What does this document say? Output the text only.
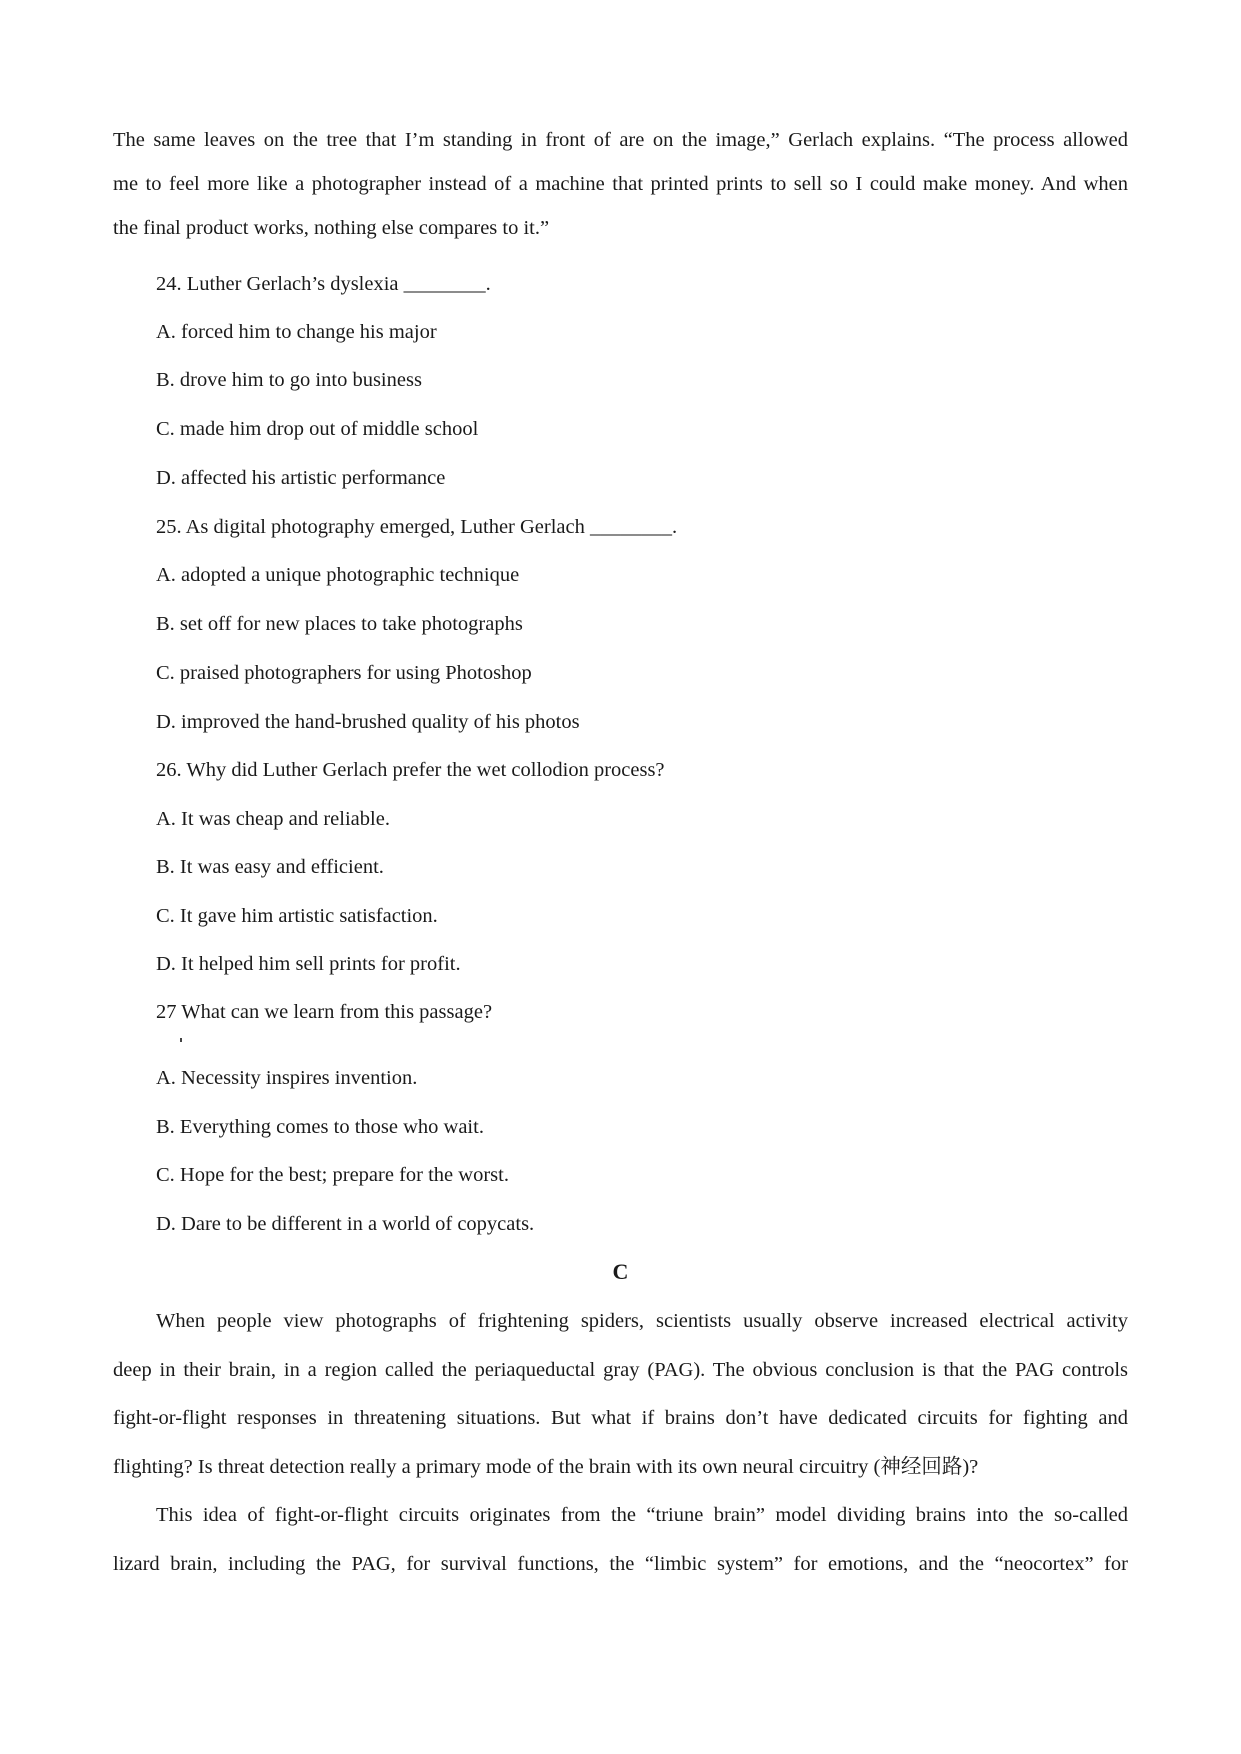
The same leaves on the tree that I’m standing in front of are on the image,” Gerlach explains. “The process allowed
me to feel more like a photographer instead of a machine that printed prints to sell so I could make money. And when
the final product works, nothing else compares to it.”
24. Luther Gerlach’s dyslexia ________.
A. forced him to change his major
B. drove him to go into business
C. made him drop out of middle school
D. affected his artistic performance
25. As digital photography emerged, Luther Gerlach ________.
A. adopted a unique photographic technique
B. set off for new places to take photographs
C. praised photographers for using Photoshop
D. improved the hand-brushed quality of his photos
26. Why did Luther Gerlach prefer the wet collodion process?
A. It was cheap and reliable.
B. It was easy and efficient.
C. It gave him artistic satisfaction.
D. It helped him sell prints for profit.
27 What can we learn from this passage?
A. Necessity inspires invention.
B. Everything comes to those who wait.
C. Hope for the best; prepare for the worst.
D. Dare to be different in a world of copycats.
C
When people view photographs of frightening spiders, scientists usually observe increased electrical activity
deep in their brain, in a region called the periaqueductal gray (PAG). The obvious conclusion is that the PAG controls
fight-or-flight responses in threatening situations. But what if brains don’t have dedicated circuits for fighting and
flighting? Is threat detection really a primary mode of the brain with its own neural circuitry (神经回路)?
This idea of fight-or-flight circuits originates from the “triune brain” model dividing brains into the so-called
lizard brain, including the PAG, for survival functions, the “limbic system” for emotions, and the “neocortex” for
